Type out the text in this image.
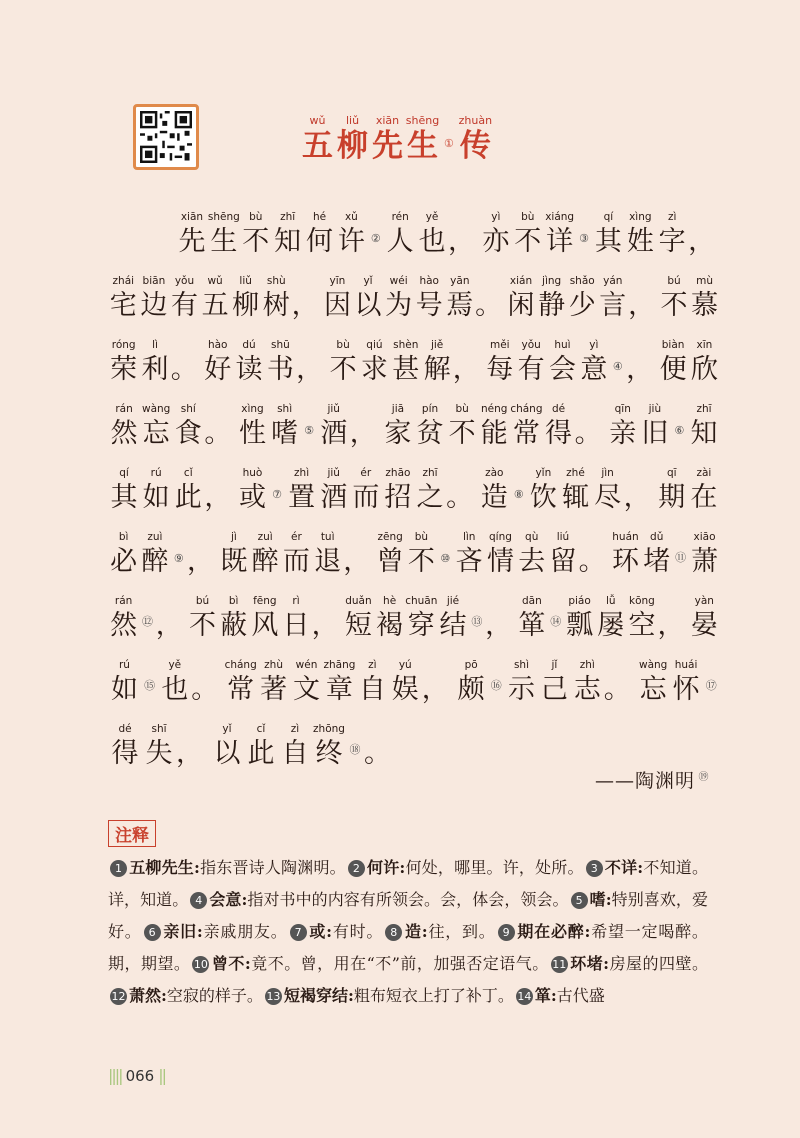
wǔ
五
liǔ
柳
xiān
先
shēng
生 ①
zhuàn
传
xiān
先
shēng
生
bù
不
zhī
知
hé
何
xǔ
许 ②
rén
人
yě
也 ，
yì
亦
bù
不
xiáng
详 ③
qí
其
xìng
姓
zì
字 ，
zhái
宅
biān
边
yǒu
有
wǔ
五
liǔ
柳
shù
树 ，
yīn
因
yǐ
以
wéi
为
hào
号
yān
焉 。
xián
闲
jìng
静
shǎo
少
yán
言 ，
bú
不
mù
慕
róng
荣
lì
利 。
hào
好
dú
读
shū
书 ，
bù
不
qiú
求
shèn
甚
jiě
解 ，
měi
每
yǒu
有
huì
会
yì
意 ④ ，
biàn
便
xīn
欣
rán
然
wàng
忘
shí
食 。
xìng
性
shì
嗜 ⑤
jiǔ
酒 ，
jiā
家
pín
贫
bù
不
néng
能
cháng
常
dé
得 。
qīn
亲
jiù
旧 ⑥
zhī
知
qí
其
rú
如
cǐ
此 ，
huò
或 ⑦
zhì
置
jiǔ
酒
ér
而
zhāo
招
zhī
之 。
zào
造 ⑧
yǐn
饮
zhé
辄
jìn
尽 ，
qī
期
zài
在
bì
必
zuì
醉 ⑨ ，
jì
既
zuì
醉
ér
而
tuì
退 ，
zēng
曾
bù
不 ⑩
lìn
吝
qíng
情
qù
去
liú
留 。
huán
环
dǔ
堵 ⑪
xiāo
萧
rán
然 ⑫ ，
bú
不
bì
蔽
fēng
风
rì
日 ，
duǎn
短
hè
褐
chuān
穿
jié
结 ⑬ ，
dān
箪 ⑭
piáo
瓢
lǚ
屡
kōng
空 ，
yàn
晏
rú
如 ⑮
yě
也 。
cháng
常
zhù
著
wén
文
zhāng
章
zì
自
yú
娱 ，
pō
颇 ⑯
shì
示
jǐ
己
zhì
志 。
wàng
忘
huái
怀 ⑰
dé
得
shī
失 ，
yǐ
以
cǐ
此
zì
自
zhōng
终 ⑱ 。
——陶渊明 ⑲
注释
1 五柳先生:指东晋诗人陶渊明。 2 何许:何处，哪里。许，处所。 3 不详:不知道。详，知道。 4 会意:指对书中的内容有所领会。会，体会，领会。 5 嗜:特别喜欢，爱好。 6 亲旧:亲戚朋友。 7 或:有时。 8 造:往，到。 9 期在必醉:希望一定喝醉。期，期望。 10 曾不:竟不。曾，用在“不”前，加强否定语气。 11 环堵:房屋的四壁。12 萧然:空寂的样子。 13 短褐穿结:粗布短衣上打了补丁。 14 箪:古代盛
|||| 066 ||
